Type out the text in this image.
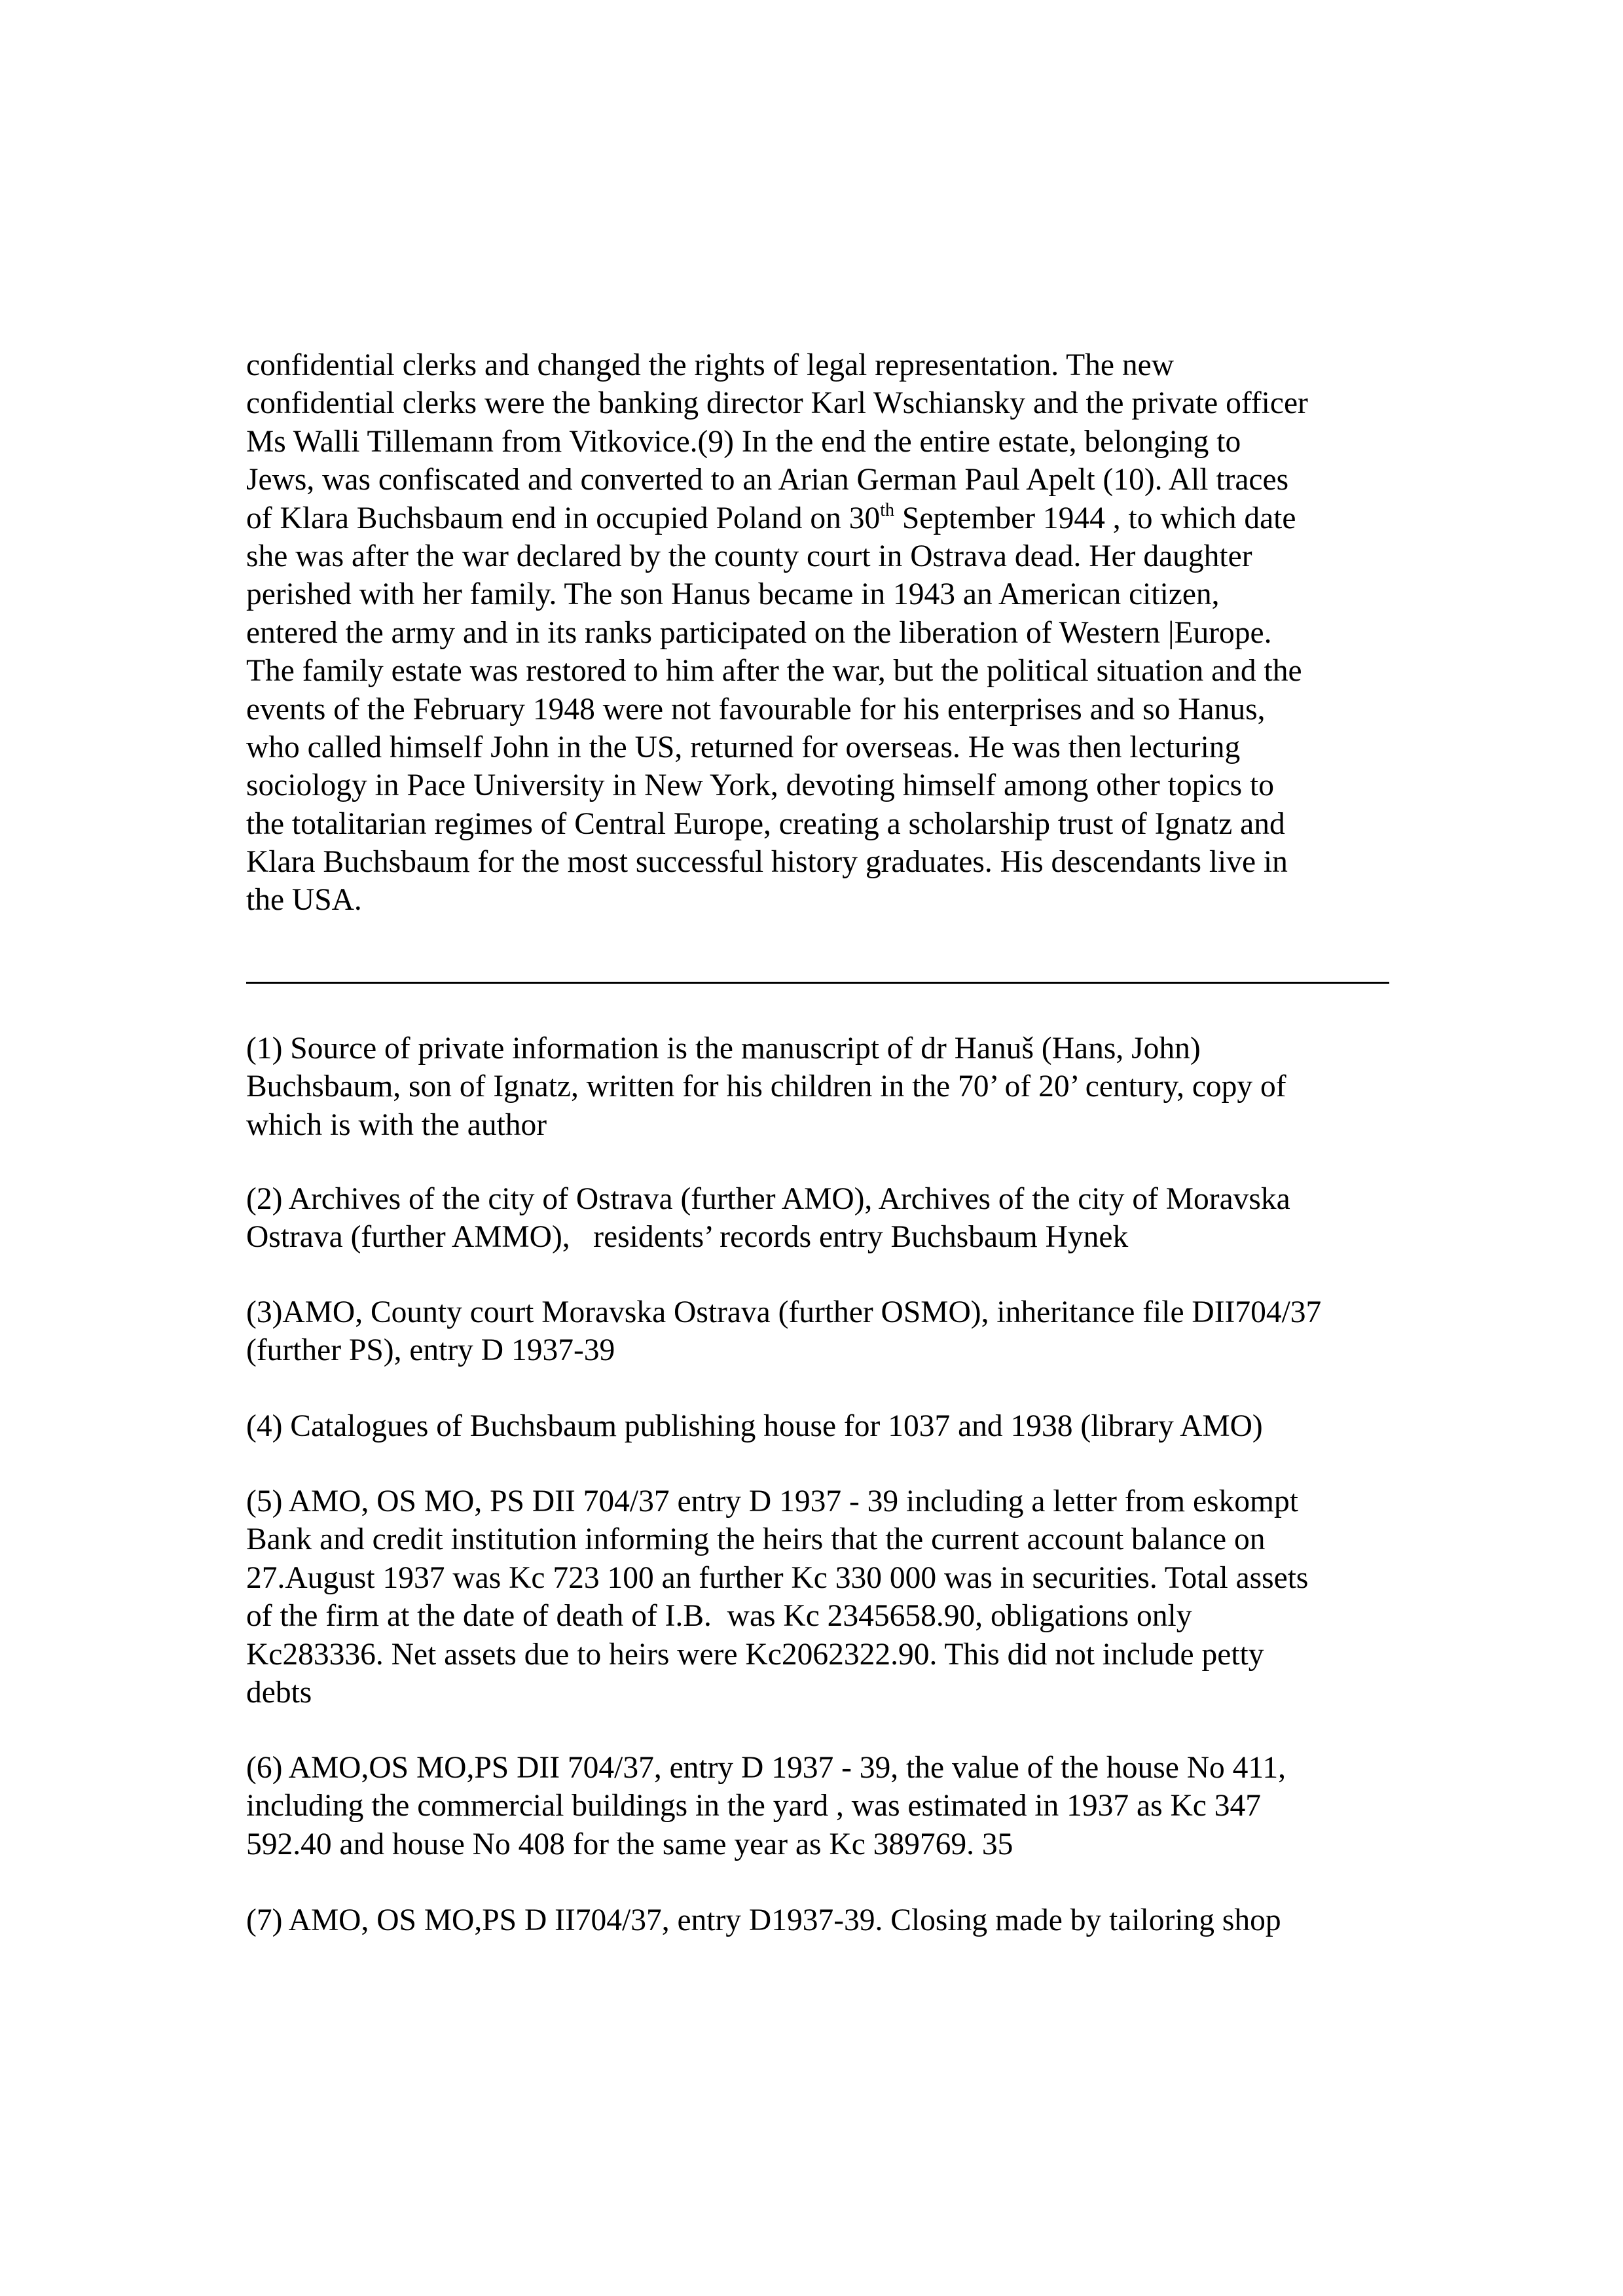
confidential clerks and changed the rights of legal representation. The new
confidential clerks were the banking director Karl Wschiansky and the private officer
Ms Walli Tillemann from Vitkovice.(9) In the end the entire estate, belonging to
Jews, was confiscated and converted to an Arian German Paul Apelt (10). All traces
of Klara Buchsbaum end in occupied Poland on 30th September 1944 , to which date
she was after the war declared by the county court in Ostrava dead. Her daughter
perished with her family. The son Hanus became in 1943 an American citizen,
entered the army and in its ranks participated on the liberation of Western |Europe.
The family estate was restored to him after the war, but the political situation and the
events of the February 1948 were not favourable for his enterprises and so Hanus,
who called himself John in the US, returned for overseas. He was then lecturing
sociology in Pace University in New York, devoting himself among other topics to
the totalitarian regimes of Central Europe, creating a scholarship trust of Ignatz and
Klara Buchsbaum for the most successful history graduates. His descendants live in
the USA.
(1) Source of private information is the manuscript of dr Hanuš (Hans, John)
Buchsbaum, son of Ignatz, written for his children in the 70’ of 20’ century, copy of
which is with the author
(2) Archives of the city of Ostrava (further AMO), Archives of the city of Moravska
Ostrava (further AMMO),   residents’ records entry Buchsbaum Hynek
(3)AMO, County court Moravska Ostrava (further OSMO), inheritance file DII704/37
(further PS), entry D 1937-39
(4) Catalogues of Buchsbaum publishing house for 1037 and 1938 (library AMO)
(5) AMO, OS MO, PS DII 704/37 entry D 1937 - 39 including a letter from eskompt
Bank and credit institution informing the heirs that the current account balance on
27.August 1937 was Kc 723 100 an further Kc 330 000 was in securities. Total assets
of the firm at the date of death of I.B.  was Kc 2345658.90, obligations only
Kc283336. Net assets due to heirs were Kc2062322.90. This did not include petty
debts
(6) AMO,OS MO,PS DII 704/37, entry D 1937 - 39, the value of the house No 411,
including the commercial buildings in the yard , was estimated in 1937 as Kc 347
592.40 and house No 408 for the same year as Kc 389769. 35
(7) AMO, OS MO,PS D II704/37, entry D1937-39. Closing made by tailoring shop
